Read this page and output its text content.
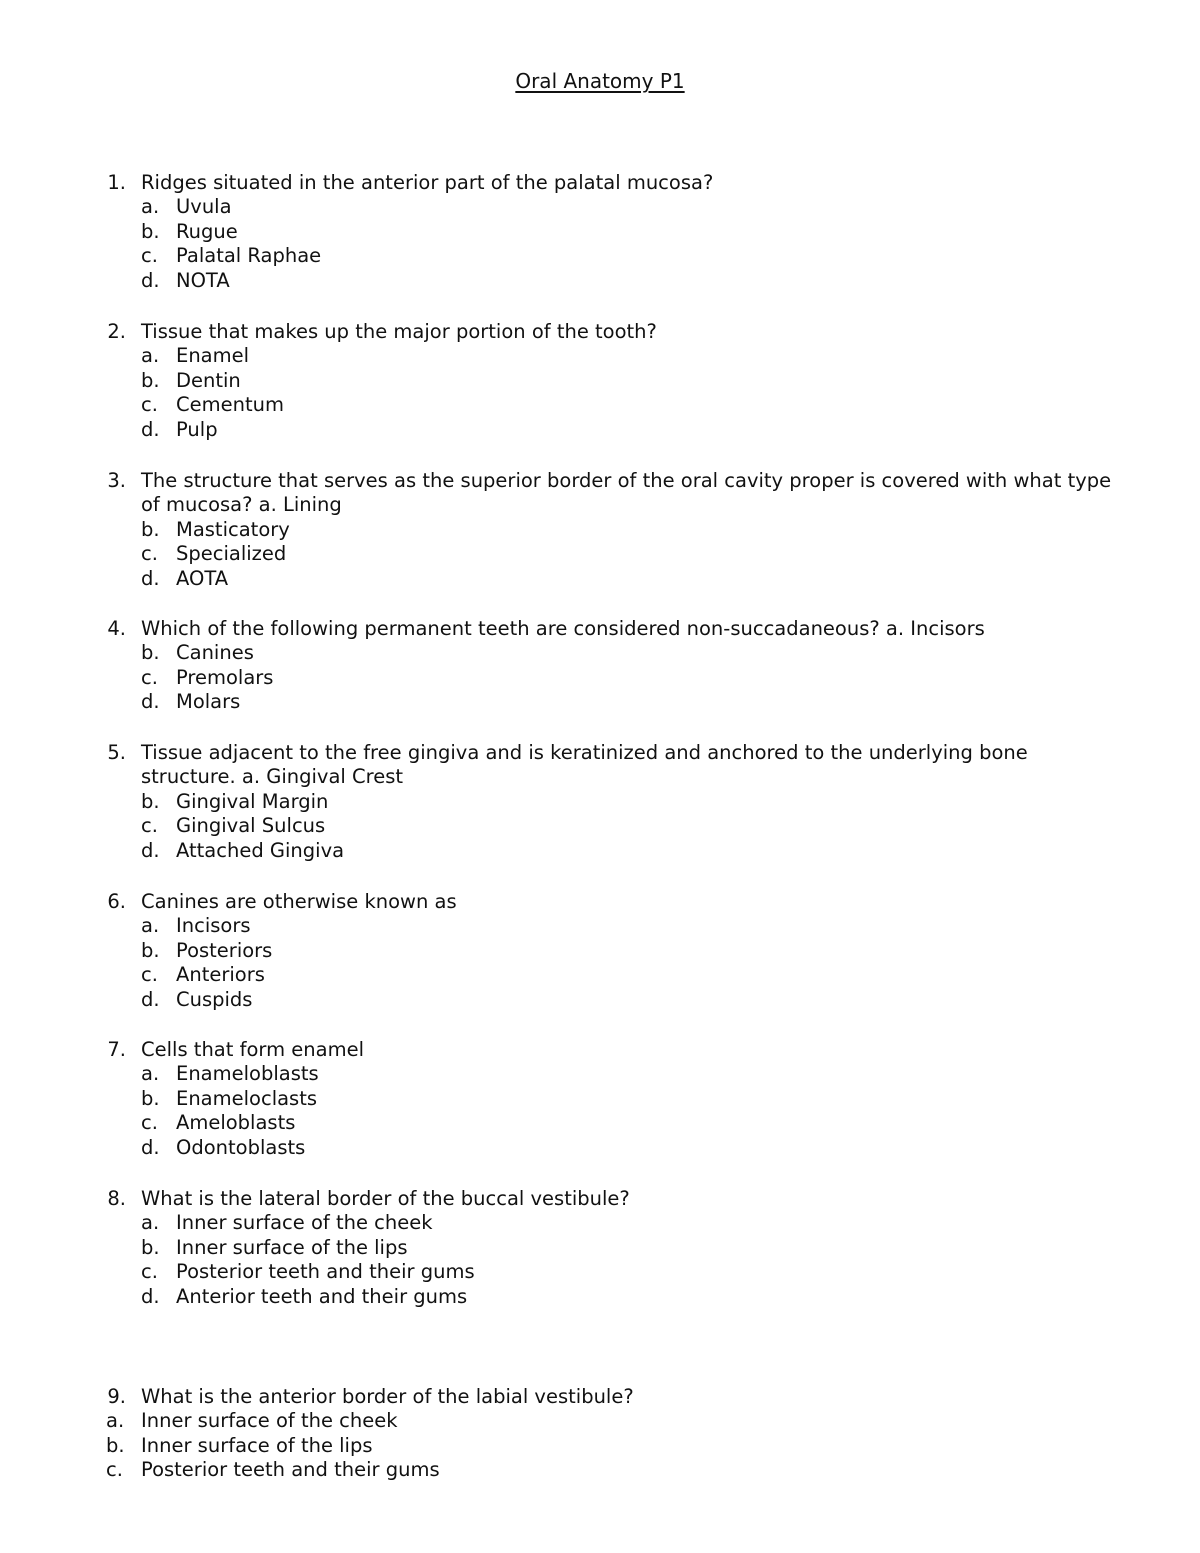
Oral Anatomy P1
1. Ridges situated in the anterior part of the palatal mucosa?
a. Uvula
b. Rugue
c. Palatal Raphae
d. NOTA
2. Tissue that makes up the major portion of the tooth?
a. Enamel
b. Dentin
c. Cementum
d. Pulp
3. The structure that serves as the superior border of the oral cavity proper is covered with what type
of mucosa? a. Lining
b. Masticatory
c. Specialized
d. AOTA
4. Which of the following permanent teeth are considered non-succadaneous? a. Incisors
b. Canines
c. Premolars
d. Molars
5. Tissue adjacent to the free gingiva and is keratinized and anchored to the underlying bone
structure. a. Gingival Crest
b. Gingival Margin
c. Gingival Sulcus
d. Attached Gingiva
6. Canines are otherwise known as
a. Incisors
b. Posteriors
c. Anteriors
d. Cuspids
7. Cells that form enamel
a. Enameloblasts
b. Enameloclasts
c. Ameloblasts
d. Odontoblasts
8. What is the lateral border of the buccal vestibule?
a. Inner surface of the cheek
b. Inner surface of the lips
c. Posterior teeth and their gums
d. Anterior teeth and their gums
9. What is the anterior border of the labial vestibule?
a. Inner surface of the cheek
b. Inner surface of the lips
c. Posterior teeth and their gums
